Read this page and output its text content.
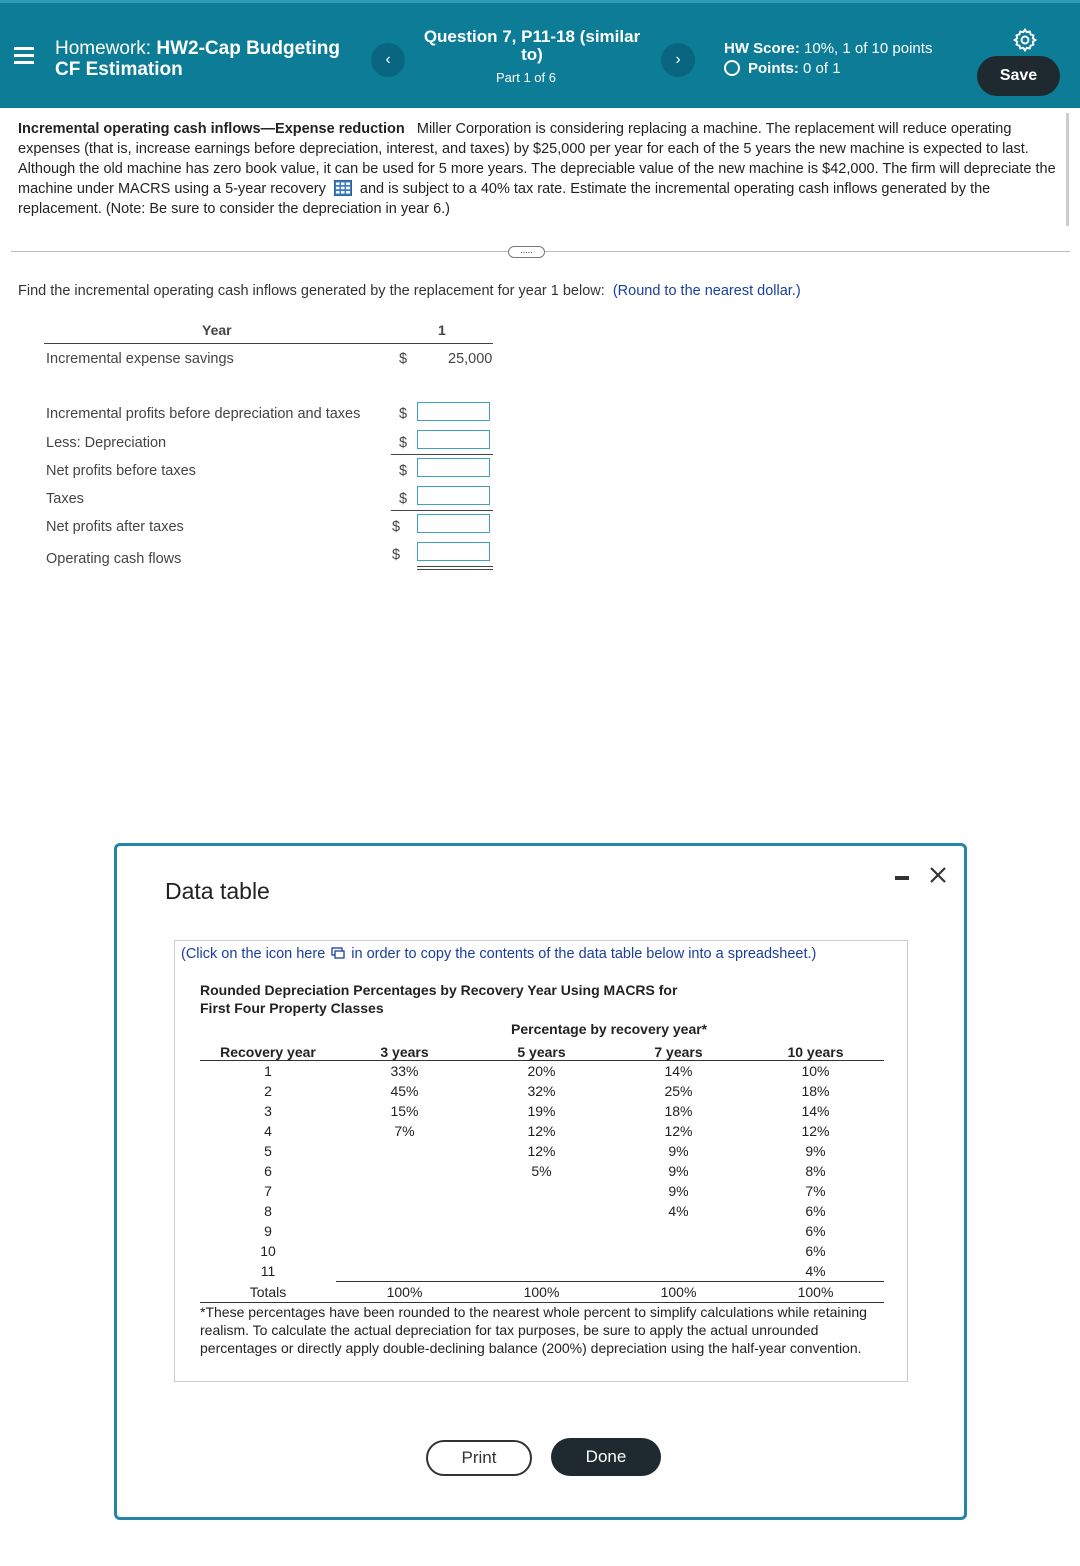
Homework: HW2-Cap Budgeting CF Estimation	‹
Question 7, P11-18 (similar to)
Part 1 of 6
›
HW Score: 10%, 1 of 10 points
Points: 0 of 1	Save
Incremental operating cash inflows—Expense reduction Miller Corporation is considering replacing a machine. The replacement will reduce operating expenses (that is, increase earnings before depreciation, interest, and taxes) by $25,000 per year for each of the 5 years the new machine is expected to last. Although the old machine has zero book value, it can be used for 5 more years. The depreciable value of the new machine is $42,000. The firm will depreciate the machine under MACRS using a 5-year recovery and is subject to a 40% tax rate. Estimate the incremental operating cash inflows generated by the replacement. (Note: Be sure to consider the depreciation in year 6.)
.....
Find the incremental operating cash inflows generated by the replacement for year 1 below: (Round to the nearest dollar.)
Year	1
Incremental expense savings	$	25,000
Incremental profits before depreciation and taxes	$
Less: Depreciation	$
Net profits before taxes	$
Taxes	$
Net profits after taxes	$
Operating cash flows	$
Data table
(Click on the icon here in order to copy the contents of the data table below into a spreadsheet.)
Rounded Depreciation Percentages by Recovery Year Using MACRS for First Four Property Classes
Percentage by recovery year*
Recovery year	3 years	5 years	7 years	10 years
1	33%	20%	14%	10%
2	45%	32%	25%	18%
3	15%	19%	18%	14%
4	7%	12%	12%	12%
5		12%	9%	9%
6		5%	9%	8%
7			9%	7%
8			4%	6%
9				6%
10				6%
11				4%
Totals	100%	100%	100%	100%
*These percentages have been rounded to the nearest whole percent to simplify calculations while retaining realism. To calculate the actual depreciation for tax purposes, be sure to apply the actual unrounded percentages or directly apply double-declining balance (200%) depreciation using the half-year convention.
Print	Done
